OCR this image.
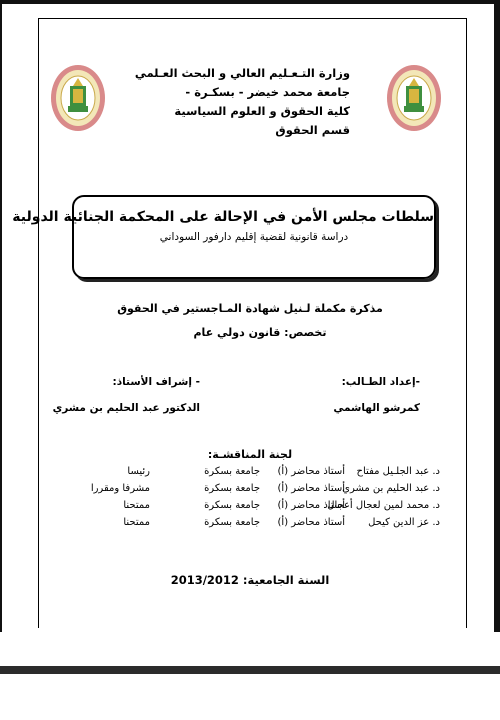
وزارة التـعـليم العالي و البحث العـلمي
جامعة محمد خيضر - بسكـرة -
كلية الحقوق و العلوم السياسية
قسم الحقوق
سلطات مجلس الأمن في الإحالة على المحكمة الجنائية الدولية
دراسة قانونية لقضية إقليم دارفور السوداني
مذكرة مكملة لـنيل شهادة المـاجستير في الحقوق
تخصص: قانون دولي عام
-إعداد الطـالب:
- إشراف الأستاذ:
كمرشو الهاشمي
الدكتور عبد الحليم بن مشري
لجنة المناقشـة:
د. عبد الجلـيل مفتاح
أستاذ محاضر (أ)
جامعة بسكرة
رئيسا
د. عبد الحليم بن مشري
أستاذ محاضر (أ)
جامعة بسكرة
مشرفا ومقررا
د. محمد لمين لعجال أعجال
أستاذ محاضر (أ)
جامعة بسكرة
ممتحنا
د. عز الدين كيحل
أستاذ محاضر (أ)
جامعة بسكرة
ممتحنا
السنة الجامعية: 2013/2012
